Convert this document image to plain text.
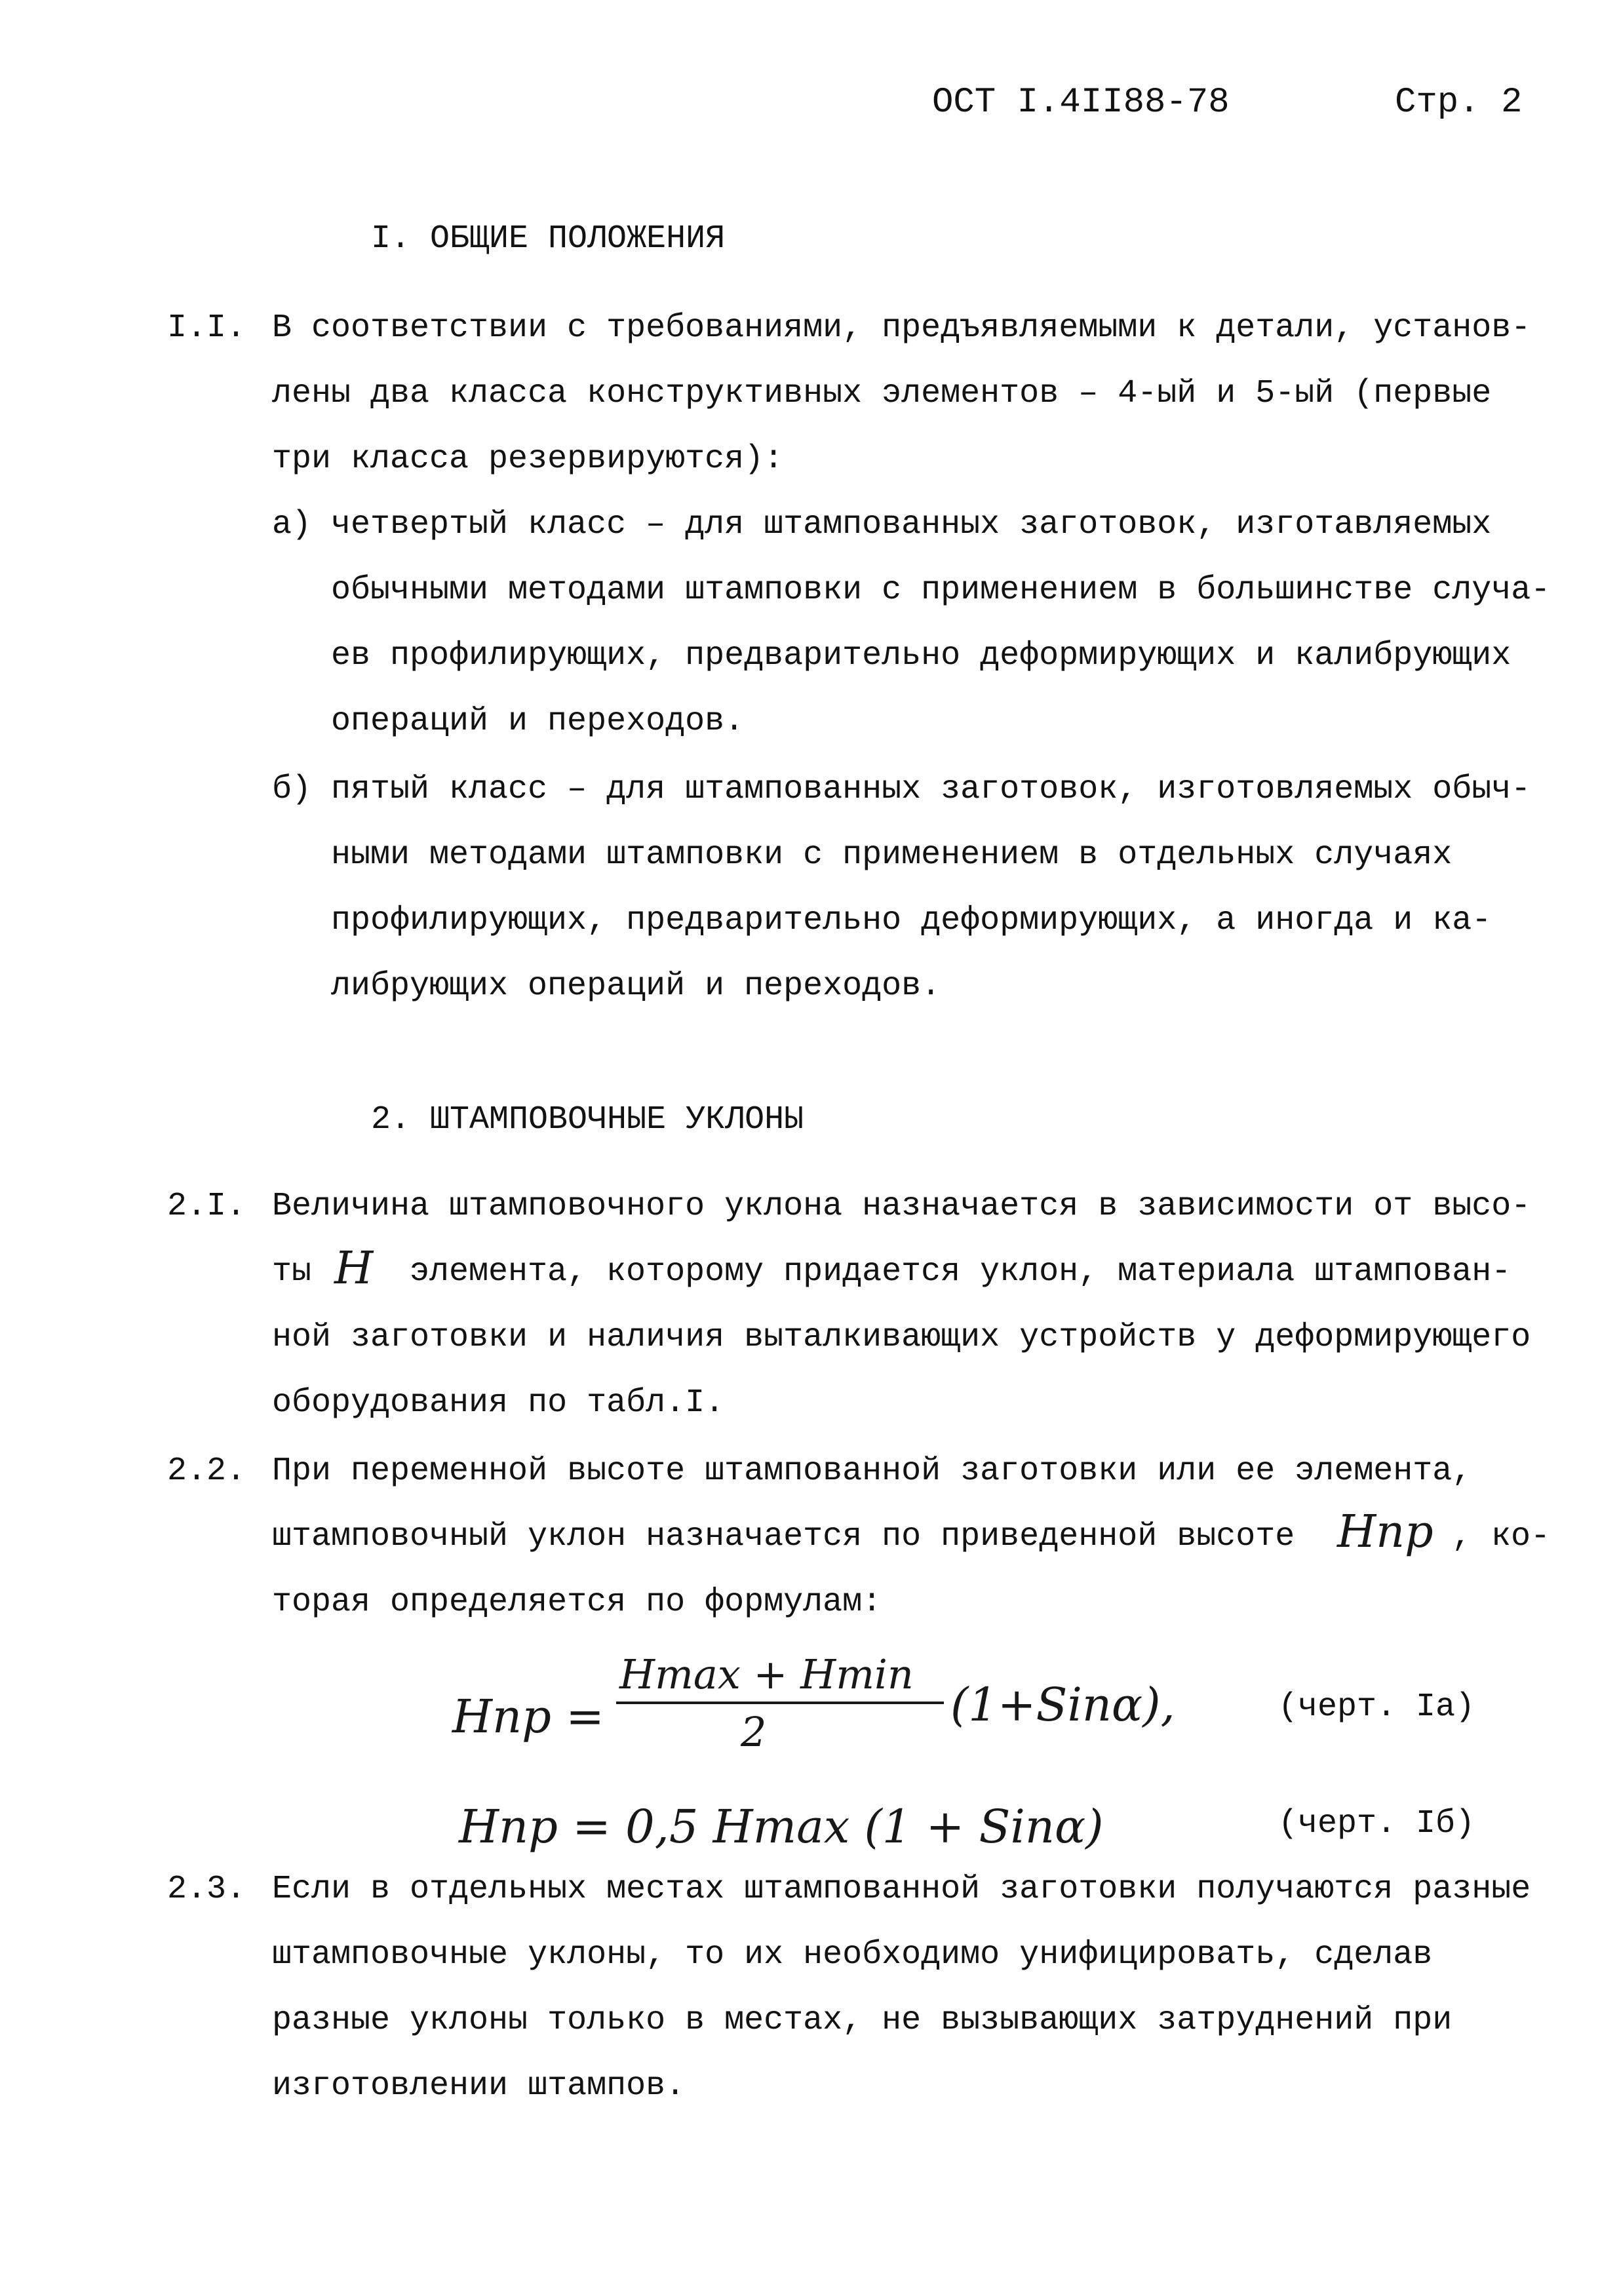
ОСТ I.4II88-78	Стр. 2
I. ОБЩИЕ ПОЛОЖЕНИЯ
I.I. В соответствии с требованиями, предъявляемыми к детали, установ-
лены два класса конструктивных элементов – 4-ый и 5-ый (первые
три класса резервируются):
а) четвертый класс – для штампованных заготовок, изготавляемых
обычными методами штамповки с применением в большинстве случа-
ев профилирующих, предварительно деформирующих и калибрующих
операций и переходов.
б) пятый класс – для штампованных заготовок, изготовляемых обыч-
ными методами штамповки с применением в отдельных случаях
профилирующих, предварительно деформирующих, а иногда и ка-
либрующих операций и переходов.
2. ШТАМПОВОЧНЫЕ УКЛОНЫ
2.I. Величина штамповочного уклона назначается в зависимости от высо-
ты H элемента, которому придается уклон, материала штампован-
ной заготовки и наличия выталкивающих устройств у деформирующего
оборудования по табл.I.
2.2. При переменной высоте штампованной заготовки или ее элемента,
штамповочный уклон назначается по приведенной высоте Hпр , ко-
торая определяется по формулам:
Hпр =
Hmax + Hmin
2
(1+Sinα),	(черт. Iа)
Hпр = 0,5 Hmax (1 + Sinα)	(черт. Iб)
2.3. Если в отдельных местах штампованной заготовки получаются разные
штамповочные уклоны, то их необходимо унифицировать, сделав
разные уклоны только в местах, не вызывающих затруднений при
изготовлении штампов.
